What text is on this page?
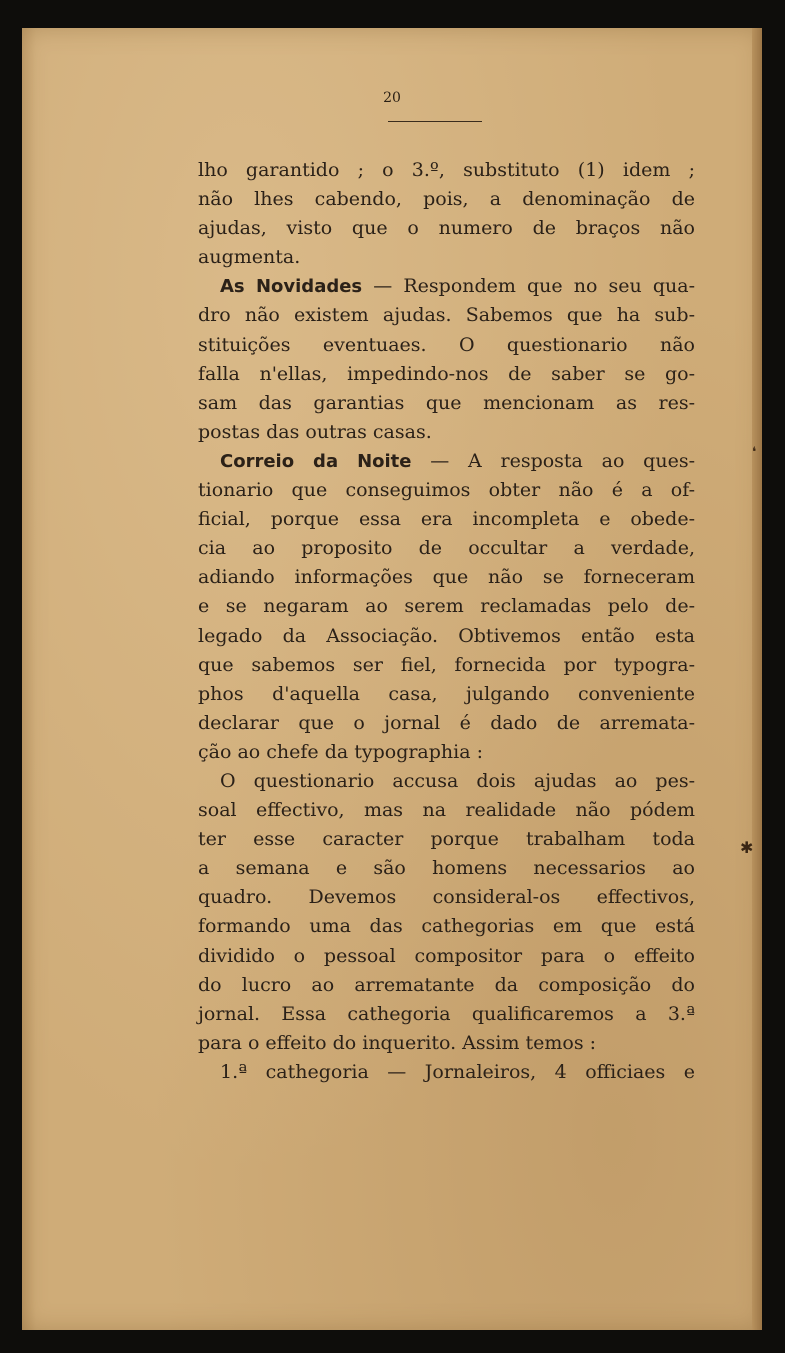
20
lho garantido ; o 3.º, substituto (1) idem ;
não lhes cabendo, pois, a denominação de
ajudas, visto que o numero de braços não
augmenta.
As Novidades — Respondem que no seu qua-
dro não existem ajudas. Sabemos que ha sub-
stituições eventuaes. O questionario não
falla n'ellas, impedindo-nos de saber se go-
sam das garantias que mencionam as res-
postas das outras casas.
Correio da Noite — A resposta ao ques-
tionario que conseguimos obter não é a of-
ficial, porque essa era incompleta e obede-
cia ao proposito de occultar a verdade,
adiando informações que não se forneceram
e se negaram ao serem reclamadas pelo de-
legado da Associação. Obtivemos então esta
que sabemos ser fiel, fornecida por typogra-
phos d'aquella casa, julgando conveniente
declarar que o jornal é dado de arremata-
ção ao chefe da typographia :
O questionario accusa dois ajudas ao pes-
soal effectivo, mas na realidade não pódem
ter esse caracter porque trabalham toda
a semana e são homens necessarios ao
quadro. Devemos consideral-os effectivos,
formando uma das cathegorias em que está
dividido o pessoal compositor para o effeito
do lucro ao arrematante da composição do
jornal. Essa cathegoria qualificaremos a 3.ª
para o effeito do inquerito. Assim temos :
1.ª cathegoria — Jornaleiros, 4 officiaes e
❛
✱
